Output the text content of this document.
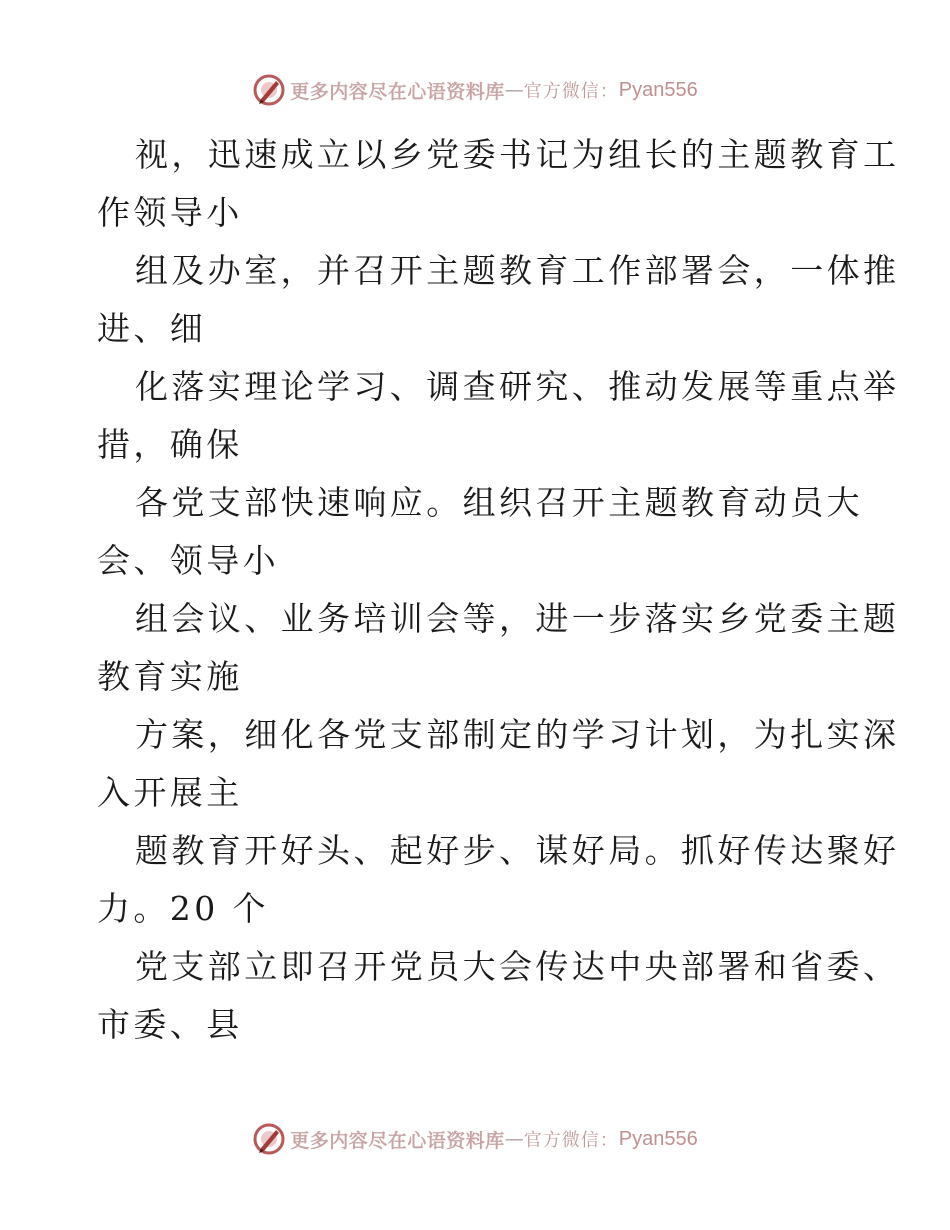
更多内容尽在心语资料库 — 官方微信： Pyan556
视，迅速成立以乡党委书记为组长的主题教育工
作领导小
组及办室，并召开主题教育工作部署会，一体推
进、细
化落实理论学习、调查研究、推动发展等重点举
措，确保
各党支部快速响应。组织召开主题教育动员大
会、领导小
组会议、业务培训会等，进一步落实乡党委主题
教育实施
方案，细化各党支部制定的学习计划，为扎实深
入开展主
题教育开好头、起好步、谋好局。抓好传达聚好
力。20 个
党支部立即召开党员大会传达中央部署和省委、
市委、县
更多内容尽在心语资料库 — 官方微信： Pyan556
